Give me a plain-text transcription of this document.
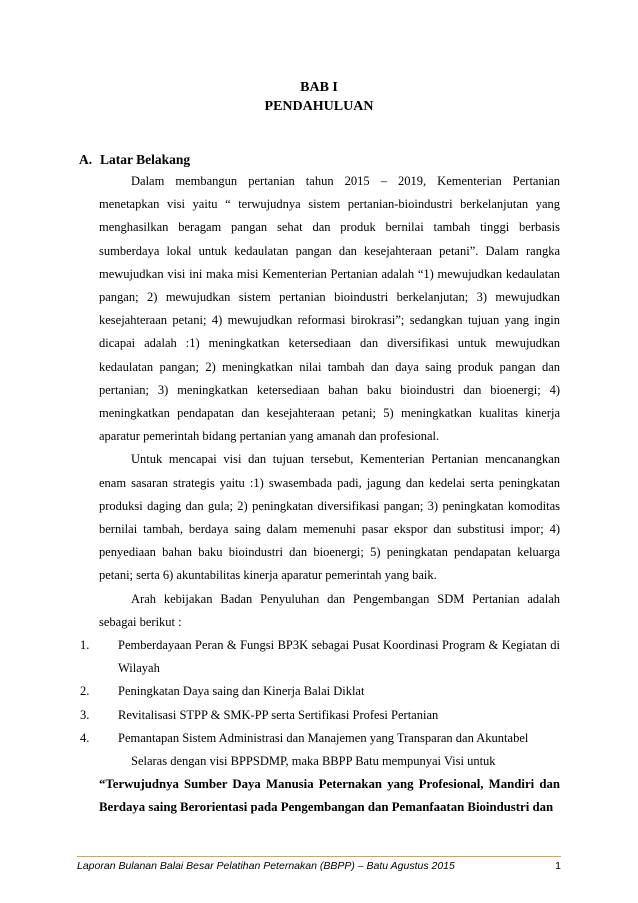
BAB I
PENDAHULUAN
A. Latar Belakang

Dalam membangun pertanian tahun 2015 – 2019, Kementerian Pertanian menetapkan visi yaitu “ terwujudnya sistem pertanian-bioindustri berkelanjutan yang menghasilkan beragam pangan sehat dan produk bernilai tambah tinggi berbasis sumberdaya lokal untuk kedaulatan pangan dan kesejahteraan petani”. Dalam rangka mewujudkan visi ini maka misi Kementerian Pertanian adalah “1) mewujudkan kedaulatan pangan; 2) mewujudkan sistem pertanian bioindustri berkelanjutan; 3) mewujudkan kesejahteraan petani; 4) mewujudkan reformasi birokrasi”; sedangkan tujuan yang ingin dicapai adalah :1) meningkatkan ketersediaan dan diversifikasi untuk mewujudkan kedaulatan pangan; 2) meningkatkan nilai tambah dan daya saing produk pangan dan pertanian; 3) meningkatkan ketersediaan bahan baku bioindustri dan bioenergi; 4) meningkatkan pendapatan dan kesejahteraan petani; 5) meningkatkan kualitas kinerja aparatur pemerintah bidang pertanian yang amanah dan profesional.

Untuk mencapai visi dan tujuan tersebut, Kementerian Pertanian mencanangkan enam sasaran strategis yaitu :1) swasembada padi, jagung dan kedelai serta peningkatan produksi daging dan gula; 2) peningkatan diversifikasi pangan; 3) peningkatan komoditas bernilai tambah, berdaya saing dalam memenuhi pasar ekspor dan substitusi impor; 4) penyediaan bahan baku bioindustri dan bioenergi; 5) peningkatan pendapatan keluarga petani; serta 6) akuntabilitas kinerja aparatur pemerintah yang baik.

Arah kebijakan Badan Penyuluhan dan Pengembangan SDM Pertanian adalah sebagai berikut :

1.	Pemberdayaan Peran & Fungsi BP3K sebagai Pusat Koordinasi Program & Kegiatan di Wilayah
2.	Peningkatan Daya saing dan Kinerja Balai Diklat
3.	Revitalisasi STPP & SMK-PP serta Sertifikasi Profesi Pertanian
4.	Pemantapan Sistem Administrasi dan Manajemen yang Transparan dan Akuntabel

Selaras dengan visi BPPSDMP, maka BBPP Batu mempunyai Visi untuk

“Terwujudnya Sumber Daya Manusia Peternakan yang Profesional, Mandiri dan Berdaya saing Berorientasi pada Pengembangan dan Pemanfaatan Bioindustri dan

Laporan Bulanan Balai Besar Pelatihan Peternakan (BBPP) – Batu Agustus 2015	1
